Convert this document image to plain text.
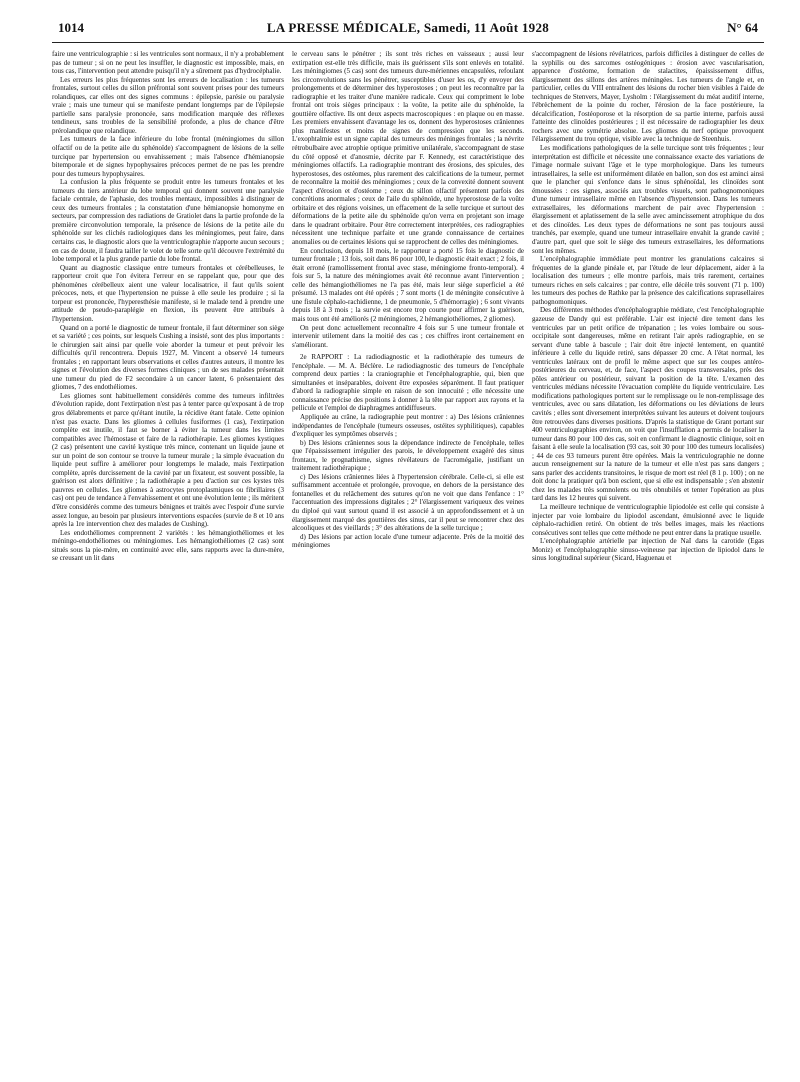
1014	LA PRESSE MÉDICALE, Samedi, 11 Août 1928	N° 64

faire une ventriculographie : si les ventricules sont normaux, il n'y a probablement pas de tumeur ; si on ne peut les insuffler, le diagnostic est impossible, mais, en tous cas, l'intervention peut attendre puisqu'il n'y a sûrement pas d'hydrocéphalie.

Les erreurs les plus fréquentes sont les erreurs de localisation : les tumeurs frontales, surtout celles du sillon préfrontal sont souvent prises pour des tumeurs rolandiques, car elles ont des signes communs : épilepsie, parésie ou paralysie vraie ; mais une tumeur qui se manifeste pendant longtemps par de l'épilepsie partielle sans paralysie prononcée, sans modification marquée des réflexes tendineux, sans troubles de la sensibilité profonde, a plus de chance d'être prérolandique que rolandique.

Les tumeurs de la face inférieure du lobe frontal (méningiomes du sillon olfactif ou de la petite aile du sphénoïde) s'accompagnent de lésions de la selle turcique par hypertension ou envahissement ; mais l'absence d'hémianopsie bitemporale et de signes hypophysaires précoces permet de ne pas les prendre pour des tumeurs hypophysaires.

La confusion la plus fréquente se produit entre les tumeurs frontales et les tumeurs du tiers antérieur du lobe temporal qui donnent souvent une paralysie faciale centrale, de l'aphasie, des troubles mentaux, impossibles à distinguer de ceux des tumeurs frontales ; la constatation d'une hémianopsie homonyme en secteurs, par compression des radiations de Gratiolet dans la partie profonde de la première circonvolution temporale, la présence de lésions de la petite aile du sphénoïde sur les clichés radiologiques dans les méningiomes, peut faire, dans certains cas, le diagnostic alors que la ventriculographie n'apporte aucun secours ; en cas de doute, il faudra tailler le volet de telle sorte qu'il découvre l'extrémité du lobe temporal et la plus grande partie du lobe frontal.

Quant au diagnostic classique entre tumeurs frontales et cérébelleuses, le rapporteur croit que l'on évitera l'erreur en se rappelant que, pour que des phénomènes cérébelleux aient une valeur localisatrice, il faut qu'ils soient précoces, nets, et que l'hypertension ne puisse à elle seule les produire ; si la torpeur est prononcée, l'hyperesthésie manifeste, si le malade tend à prendre une attitude de pseudo-paraplégie en flexion, ils peuvent être attribués à l'hypertension.

Quand on a porté le diagnostic de tumeur frontale, il faut déterminer son siège et sa variété ; ces points, sur lesquels Cushing a insisté, sont des plus importants : le chirurgien sait ainsi par quelle voie aborder la tumeur et peut prévoir les difficultés qu'il rencontrera. Depuis 1927, M. Vincent a observé 14 tumeurs frontales ; en rapportant leurs observations et celles d'autres auteurs, il montre les signes et l'évolution des diverses formes cliniques ; un de ses malades présentait une tumeur du pied de F2 secondaire à un cancer latent, 6 présentaient des gliomes, 7 des endothéliomes.

Les gliomes sont habituellement considérés comme des tumeurs infiltrées d'évolution rapide, dont l'extirpation n'est pas à tenter parce qu'exposant à de trop gros délabrements et parce qu'étant inutile, la récidive étant fatale. Cette opinion n'est pas exacte. Dans les gliomes à cellules fusiformes (1 cas), l'extirpation complète est inutile, il faut se borner à éviter la tumeur dans les limites compatibles avec l'hémostase et faire de la radiothérapie. Les gliomes kystiques (2 cas) présentent une cavité kystique très mince, contenant un liquide jaune et sur un point de son contour se trouve la tumeur murale ; la simple évacuation du liquide peut suffire à améliorer pour longtemps le malade, mais l'extirpation complète, après durcissement de la cavité par un fixateur, est souvent possible, la guérison est alors définitive ; la radiothérapie a peu d'action sur ces kystes très pauvres en cellules. Les gliomes à astrocytes protoplasmiques ou fibrillaires (3 cas) ont peu de tendance à l'envahissement et ont une évolution lente ; ils méritent d'être considérés comme des tumeurs bénignes et traités avec l'espoir d'une survie assez longue, au besoin par plusieurs interventions espacées (survie de 8 et 10 ans après la 1re intervention chez des malades de Cushing).

Les endothéliomes comprennent 2 variétés : les hémangiothéliomes et les méningo-endothéliomes ou méningiomes. Les hémangiothéliomes (2 cas) sont situés sous la pie-mère, en continuité avec elle, sans rapports avec la dure-mère, se creusant un lit dans

le cerveau sans le pénétrer ; ils sont très riches en vaisseaux ; aussi leur extirpation est-elle très difficile, mais ils guérissent s'ils sont enlevés en totalité. Les méningiomes (5 cas) sont des tumeurs dure-mériennes encapsulées, refoulant les circonvolutions sans les pénétrer, susceptibles d'user les os, d'y envoyer des prolongements et de déterminer des hyperostoses ; on peut les reconnaître par la radiographie et les traiter d'une manière radicale. Ceux qui compriment le lobe frontal ont trois sièges principaux : la voûte, la petite aile du sphénoïde, la gouttière olfactive. Ils ont deux aspects macroscopiques : en plaque ou en masse. Les premiers envahissent d'avantage les os, donnent des hyperostoses crâniennes plus manifestes et moins de signes de compression que les seconds. L'exophtalmie est un signe capital des tumeurs des méninges frontales ; la névrite rétrobulbaire avec atrophie optique primitive unilatérale, s'accompagnant de stase du côté opposé et d'anosmie, décrite par F. Kennedy, est caractéristique des méningiomes olfactifs. La radiographie montrant des érosions, des spicules, des hyperostoses, des ostéomes, plus rarement des calcifications de la tumeur, permet de reconnaître la moitié des méningiomes ; ceux de la convexité donnent souvent l'aspect d'érosion et d'ostéome ; ceux du sillon olfactif présentent parfois des concrétions anormales ; ceux de l'aile du sphénoïde, une hyperostose de la voûte orbitaire et des régions voisines, un effacement de la selle turcique et surtout des déformations de la petite aile du sphénoïde qu'on verra en projetant son image dans le quadrant orbitaire. Pour être correctement interprétées, ces radiographies nécessitent une technique parfaite et une grande connaissance de certaines anomalies ou de certaines lésions qui se rapprochent de celles des méningiomes.

En conclusion, depuis 18 mois, le rapporteur a porté 15 fois le diagnostic de tumeur frontale ; 13 fois, soit dans 86 pour 100, le diagnostic était exact ; 2 fois, il était erroné (ramollissement frontal avec stase, méningiome fronto-temporal). 4 fois sur 5, la nature des méningiomes avait été reconnue avant l'intervention ; celle des hémangiothéliomes ne l'a pas été, mais leur siège superficiel a été présumé. 13 malades ont été opérés ; 7 sont morts (1 de méningite consécutive à une fistule céphalo-rachidienne, 1 de pneumonie, 5 d'hémorragie) ; 6 sont vivants depuis 18 à 3 mois ; la survie est encore trop courte pour affirmer la guérison, mais tous ont été améliorés (2 méningiomes, 2 hémangiothéliomes, 2 gliomes).

On peut donc actuellement reconnaître 4 fois sur 5 une tumeur frontale et intervenir utilement dans la moitié des cas ; ces chiffres iront certainement en s'améliorant.

2e RAPPORT : La radiodiagnostic et la radiothérapie des tumeurs de l'encéphale. — M. A. Béclère. Le radiodiagnostic des tumeurs de l'encéphale comprend deux parties : la craniographie et l'encéphalographie, qui, bien que simultanées et inséparables, doivent être exposées séparément. Il faut pratiquer d'abord la radiographie simple en raison de son innocuité ; elle nécessite une connaissance précise des positions à donner à la tête par rapport aux rayons et la pellicule et l'emploi de diaphragmes antidiffuseurs.

Appliquée au crâne, la radiographie peut montrer : a) Des lésions crâniennes indépendantes de l'encéphale (tumeurs osseuses, ostéites syphilitiques), capables d'expliquer les symptômes observés ;

b) Des lésions crâniennes sous la dépendance indirecte de l'encéphale, telles que l'épaississement irrégulier des parois, le développement exagéré des sinus frontaux, le prognathisme, signes révélateurs de l'acromégalie, justifiant un traitement radiothérapique ;

c) Des lésions crâniennes liées à l'hypertension cérébrale. Celle-ci, si elle est suffisamment accentuée et prolongée, provoque, en dehors de la persistance des fontanelles et du relâchement des sutures qu'on ne voit que dans l'enfance : 1° l'accentuation des impressions digitales ; 2° l'élargissement variqueux des veines du diploé qui vaut surtout quand il est associé à un approfondissement et à un élargissement marqué des gouttières des sinus, car il peut se rencontrer chez des alcooliques et des vieillards ; 3° des altérations de la selle turcique ;

d) Des lésions par action locale d'une tumeur adjacente. Près de la moitié des méningiomes

s'accompagnent de lésions révélatrices, parfois difficiles à distinguer de celles de la syphilis ou des sarcomes ostéogéniques : érosion avec vascularisation, apparence d'ostéome, formation de stalactites, épaississement diffus, élargissement des sillons des artères méningées. Les tumeurs de l'angle et, en particulier, celles du VIII entraînent des lésions du rocher bien visibles à l'aide de techniques de Stenvers, Mayer, Lysholm : l'élargissement du méat auditif interne, l'ébrèchement de la pointe du rocher, l'érosion de la face postérieure, la décalcification, l'ostéoporose et la résorption de sa partie interne, parfois aussi l'atteinte des clinoïdes postérieures ; il est nécessaire de radiographier les deux rochers avec une symétrie absolue. Les gliomes du nerf optique provoquent l'élargissement du trou optique, visible avec la technique de Steenhuis.

Les modifications pathologiques de la selle turcique sont très fréquentes ; leur interprétation est difficile et nécessite une connaissance exacte des variations de l'image normale suivant l'âge et le type morphologique. Dans les tumeurs intrasellaires, la selle est uniformément dilatée en ballon, son dos est aminci ainsi que le plancher qui s'enfonce dans le sinus sphénoïdal, les clinoïdes sont émoussées : ces signes, associés aux troubles visuels, sont pathognomoniques d'une tumeur intrasellaire même en l'absence d'hypertension. Dans les tumeurs extrasellaires, les déformations marchent de pair avec l'hypertension : élargissement et aplatissement de la selle avec amincissement atrophique du dos et des clinoïdes. Les deux types de déformations ne sont pas toujours aussi tranchés, par exemple, quand une tumeur intrasellaire envahit la grande cavité ; d'autre part, quel que soit le siège des tumeurs extrasellaires, les déformations sont les mêmes.

L'encéphalographie immédiate peut montrer les granulations calcaires si fréquentes de la glande pinéale et, par l'étude de leur déplacement, aider à la localisation des tumeurs ; elle montre parfois, mais très rarement, certaines tumeurs riches en sels calcaires ; par contre, elle décèle très souvent (71 p. 100) les tumeurs des poches de Rathke par la présence des calcifications suprasellaires pathognomoniques.

Des différentes méthodes d'encéphalographie médiate, c'est l'encéphalographie gazeuse de Dandy qui est préférable. L'air est injecté dire tement dans les ventricules par un petit orifice de trépanation ; les voies lombaire ou sous-occipitale sont dangereuses, même en retirant l'air après radiographie, en se servant d'une table à bascule ; l'air doit être injecté lentement, en quantité inférieure à celle du liquide retiré, sans dépasser 20 cmc. A l'état normal, les ventricules latéraux ont de profil le même aspect que sur les coupes antéro-postérieures du cerveau, et, de face, l'aspect des coupes transversales, près des pôles antérieur ou postérieur, suivant la position de la tête. L'examen des ventricules médians nécessite l'évacuation complète du liquide ventriculaire. Les modifications pathologiques portent sur le remplissage ou le non-remplissage des ventricules, avec ou sans dilatation, les déformations ou les déviations de leurs cavités ; elles sont diversement interprétées suivant les auteurs et doivent toujours être retrouvées dans diverses positions. D'après la statistique de Grant portant sur 400 ventriculographies environ, on voit que l'insufflation a permis de localiser la tumeur dans 80 pour 100 des cas, soit en confirmant le diagnostic clinique, soit en faisant à elle seule la localisation (93 cas, soit 30 pour 100 des tumeurs localisées) ; 44 de ces 93 tumeurs purent être opérées. Mais la ventriculographie ne donne aucun renseignement sur la nature de la tumeur et elle n'est pas sans dangers ; sans parler des accidents transitoires, le risque de mort est réel (8 1 p. 100) ; on ne doit donc la pratiquer qu'à bon escient, que si elle est indispensable ; s'en abstenir chez les malades très somnolents ou très obnubilés et tenter l'opération au plus tard dans les 12 heures qui suivent.

La meilleure technique de ventriculographie lipiodolée est celle qui consiste à injecter par voie lombaire du lipiodol ascendant, émulsionné avec le liquide céphalo-rachidien retiré. On obtient de très belles images, mais les réactions consécutives sont telles que cette méthode ne peut entrer dans la pratique usuelle.

L'encéphalographie artérielle par injection de NaI dans la carotide (Egas Moniz) et l'encéphalographie sinuso-veineuse par injection de lipiodol dans le sinus longitudinal supérieur (Sicard, Haguenau et
